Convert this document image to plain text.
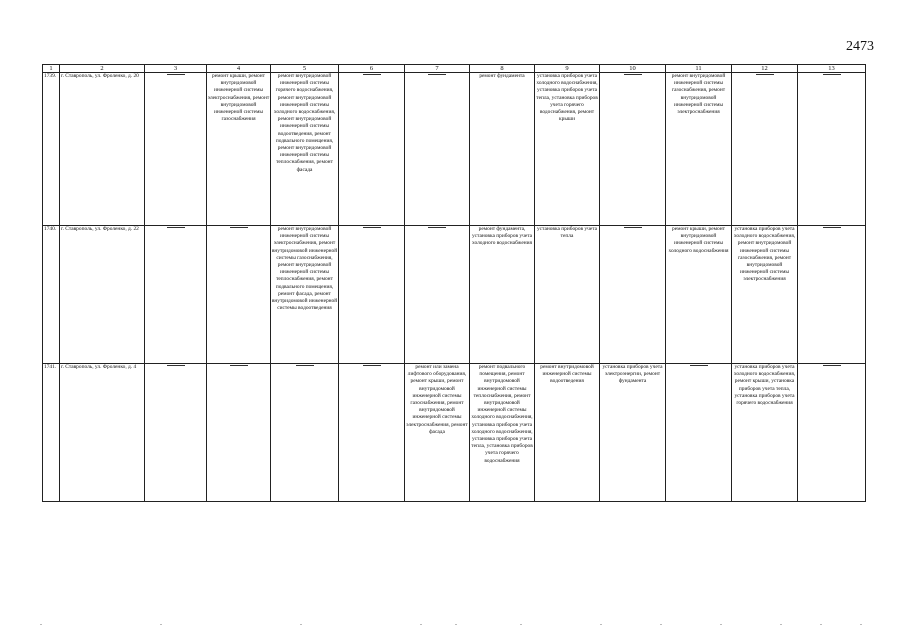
2473
1	2	3	4	5	6	7	8	9	10	11	12	13
1739.	г. Ставрополь, ул. Фроленко, д. 20		ремонт крыши, ремонт внутридомовой инженерной системы электроснабжения, ремонт внутридомовой инженерной системы газоснабжения	ремонт внутридомовой инженерной системы горячего водоснабжения, ремонт внутридомовой инженерной системы холодного водоснабжения, ремонт внутридомовой инженерной системы водоотведения, ремонт подвального помещения, ремонт внутридомовой инженерной системы теплоснабжения, ремонт фасада			ремонт фундамента	установка приборов учета холодного водоснабжения, установка приборов учета тепла, установка приборов учета горячего водоснабжения, ремонт крыши		ремонт внутридомовой инженерной системы газоснабжения, ремонт внутридомовой инженерной системы электроснабжения	

1740.	г. Ставрополь, ул. Фроленко, д. 22			ремонт внутридомовой инженерной системы электроснабжения, ремонт внутридомовой инженерной системы газоснабжения, ремонт внутридомовой инженерной системы теплоснабжения, ремонт подвального помещения, ремонт фасада, ремонт внутридомовой инженерной системы водоотведения			ремонт фундамента, установка приборов учета холодного водоснабжения	установка приборов учета тепла		ремонт крыши, ремонт внутридомовой инженерной системы холодного водоснабжения	установка приборов учета холодного водоснабжения, ремонт внутридомовой инженерной системы газоснабжения, ремонт внутридомовой инженерной системы электроснабжения	

1741.	г. Ставрополь, ул. Фроленко, д. 4					ремонт или замена лифтового оборудования, ремонт крыши, ремонт внутридомовой инженерной системы газоснабжения, ремонт внутридомовой инженерной системы электроснабжения, ремонт фасада	ремонт подвального помещения, ремонт внутридомовой инженерной системы теплоснабжения, ремонт внутридомовой инженерной системы холодного водоснабжения, установка приборов учета холодного водоснабжения, установка приборов учета тепла, установка приборов учета горячего водоснабжения	ремонт внутридомовой инженерной системы водоотведения	установка приборов учета электроэнергии, ремонт фундамента		установка приборов учета холодного водоснабжения, ремонт крыши, установка приборов учета тепла, установка приборов учета горячего водоснабжения	
